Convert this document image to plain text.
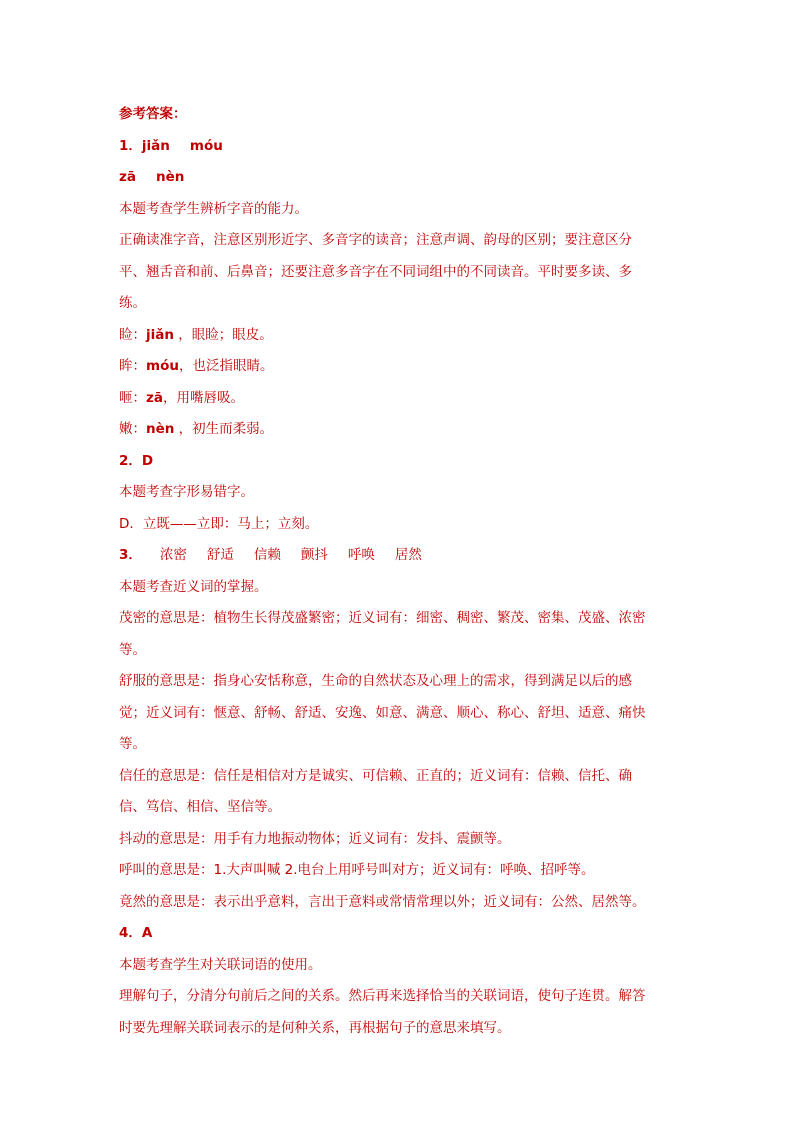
参考答案：

1．jiǎn móu

zā nèn

本题考查学生辨析字音的能力。

正确读准字音，注意区别形近字、多音字的读音；注意声调、韵母的区别；要注意区分

平、翘舌音和前、后鼻音；还要注意多音字在不同词组中的不同读音。平时要多读、多

练。

睑：jiǎn ，眼睑；眼皮。

眸：móu，也泛指眼睛。

咂：zā，用嘴唇吸。

嫩：nèn ，初生而柔弱。

2．D

本题考查字形易错字。

D．立既——立即：马上；立刻。

3． 浓密 舒适 信赖 颤抖 呼唤 居然

本题考查近义词的掌握。

茂密的意思是：植物生长得茂盛繁密；近义词有：细密、稠密、繁茂、密集、茂盛、浓密

等。

舒服的意思是：指身心安恬称意，生命的自然状态及心理上的需求，得到满足以后的感

觉；近义词有：惬意、舒畅、舒适、安逸、如意、满意、顺心、称心、舒坦、适意、痛快

等。

信任的意思是：信任是相信对方是诚实、可信赖、正直的；近义词有：信赖、信托、确

信、笃信、相信、坚信等。

抖动的意思是：用手有力地振动物体；近义词有：发抖、震颤等。

呼叫的意思是：1.大声叫喊 2.电台上用呼号叫对方；近义词有：呼唤、招呼等。

竟然的意思是：表示出乎意料，言出于意料或常情常理以外；近义词有：公然、居然等。

4．A

本题考查学生对关联词语的使用。

理解句子，分清分句前后之间的关系。然后再来选择恰当的关联词语，使句子连贯。解答

时要先理解关联词表示的是何种关系，再根据句子的意思来填写。
